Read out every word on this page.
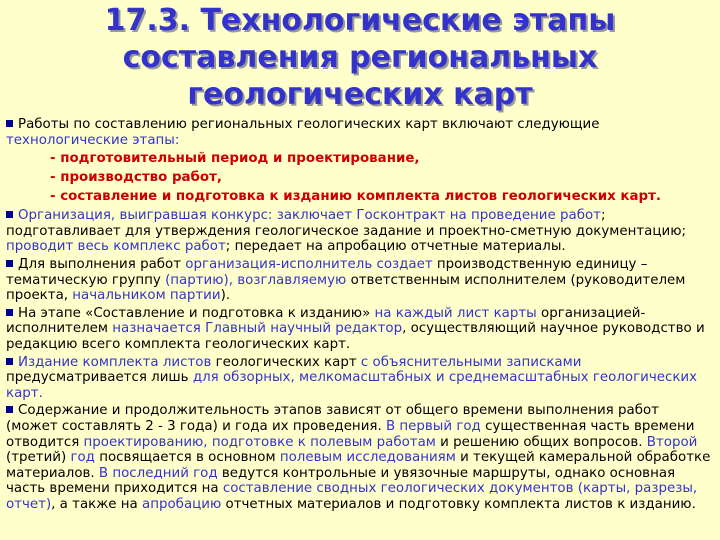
17.3. Технологические этапы
составления региональных
геологических карт
Работы по составлению региональных геологических карт включают следующие технологические этапы:
- подготовительный период и проектирование,
- производство работ,
- составление и подготовка к изданию комплекта листов геологических карт.
Организация, выигравшая конкурс: заключает Госконтракт на проведение работ; подготавливает для утверждения геологическое задание и проектно-сметную документацию; проводит весь комплекс работ; передает на апробацию отчетные материалы.
Для выполнения работ организация-исполнитель создает производственную единицу – тематическую группу (партию), возглавляемую ответственным исполнителем (руководителем проекта, начальником партии).
На этапе «Составление и подготовка к изданию» на каждый лист карты организацией-исполнителем назначается Главный научный редактор, осуществляющий научное руководство и редакцию всего комплекта геологических карт.
Издание комплекта листов геологических карт с объяснительными записками предусматривается лишь для обзорных, мелкомасштабных и среднемасштабных геологических карт.
Содержание и продолжительность этапов зависят от общего времени выполнения работ (может составлять 2 - 3 года) и года их проведения. В первый год существенная часть времени отводится проектированию, подготовке к полевым работам и решению общих вопросов. Второй (третий) год посвящается в основном полевым исследованиям и текущей камеральной обработке материалов. В последний год ведутся контрольные и увязочные маршруты, однако основная часть времени приходится на составление сводных геологических документов (карты, разрезы, отчет), а также на апробацию отчетных материалов и подготовку комплекта листов к изданию.
